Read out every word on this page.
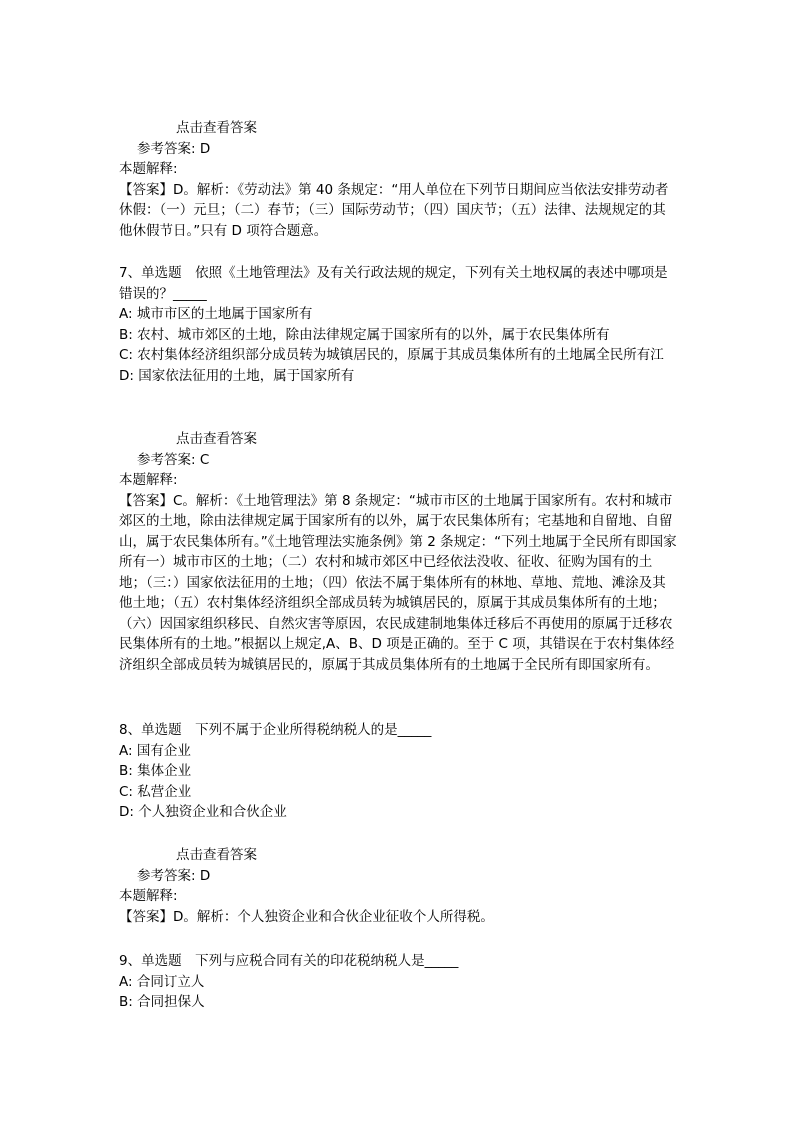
点击查看答案
参考答案: D
本题解释:
【答案】D。解析：《劳动法》第 40 条规定：“用人单位在下列节日期间应当依法安排劳动者休假：（一）元旦；（二）春节；（三）国际劳动节；（四）国庆节；（五）法律、法规规定的其他休假节日。”只有 D 项符合题意。
7、单选题　依照《土地管理法》及有关行政法规的规定，下列有关土地权属的表述中哪项是错误的？_____
A: 城市市区的土地属于国家所有
B: 农村、城市郊区的土地，除由法律规定属于国家所有的以外，属于农民集体所有
C: 农村集体经济组织部分成员转为城镇居民的，原属于其成员集体所有的土地属全民所有江
D: 国家依法征用的土地，属于国家所有
点击查看答案
参考答案: C
本题解释:
【答案】C。解析：《土地管理法》第 8 条规定：“城市市区的土地属于国家所有。农村和城市郊区的土地，除由法律规定属于国家所有的以外，属于农民集体所有；宅基地和自留地、自留山，属于农民集体所有。”《土地管理法实施条例》第 2 条规定：“下列土地属于全民所有即国家所有一）城市市区的土地；（二）农村和城市郊区中已经依法没收、征收、征购为国有的土地；（三：）国家依法征用的土地；（四）依法不属于集体所有的林地、草地、荒地、滩涂及其他土地；（五）农村集体经济组织全部成员转为城镇居民的，原属于其成员集体所有的土地；（六）因国家组织移民、自然灾害等原因，农民成建制地集体迁移后不再使用的原属于迁移农民集体所有的土地。”根据以上规定,A、B、D 项是正确的。至于 C 项，其错误在于农村集体经济组织全部成员转为城镇居民的，原属于其成员集体所有的土地属于全民所有即国家所有。
8、单选题　下列不属于企业所得税纳税人的是_____
A: 国有企业
B: 集体企业
C: 私营企业
D: 个人独资企业和合伙企业
点击查看答案
参考答案: D
本题解释:
【答案】D。解析：个人独资企业和合伙企业征收个人所得税。
9、单选题　下列与应税合同有关的印花税纳税人是_____
A: 合同订立人
B: 合同担保人
